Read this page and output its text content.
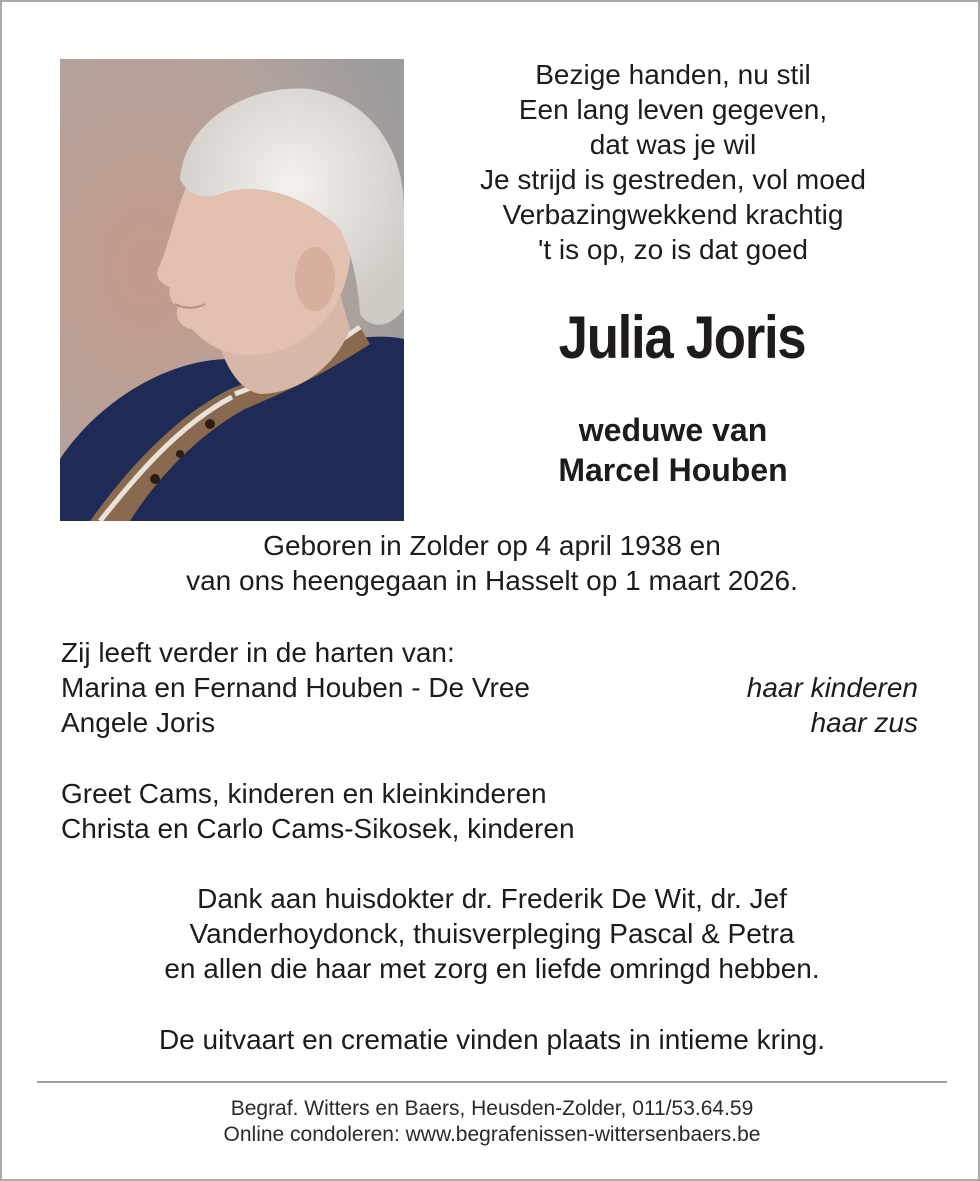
Bezige handen, nu stil
Een lang leven gegeven,
dat was je wil
Je strijd is gestreden, vol moed
Verbazingwekkend krachtig
't is op, zo is dat goed
Julia Joris
weduwe van
Marcel Houben
Geboren in Zolder op 4 april 1938 en
van ons heengegaan in Hasselt op 1 maart 2026.
Zij leeft verder in de harten van:
Marina en Fernand Houben - De Vree	haar kinderen
Angele Joris	haar zus
Greet Cams, kinderen en kleinkinderen
Christa en Carlo Cams-Sikosek, kinderen
Dank aan huisdokter dr. Frederik De Wit, dr. Jef
Vanderhoydonck, thuisverpleging Pascal & Petra
en allen die haar met zorg en liefde omringd hebben.
De uitvaart en crematie vinden plaats in intieme kring.
Begraf. Witters en Baers, Heusden-Zolder, 011/53.64.59
Online condoleren: www.begrafenissen-wittersenbaers.be
